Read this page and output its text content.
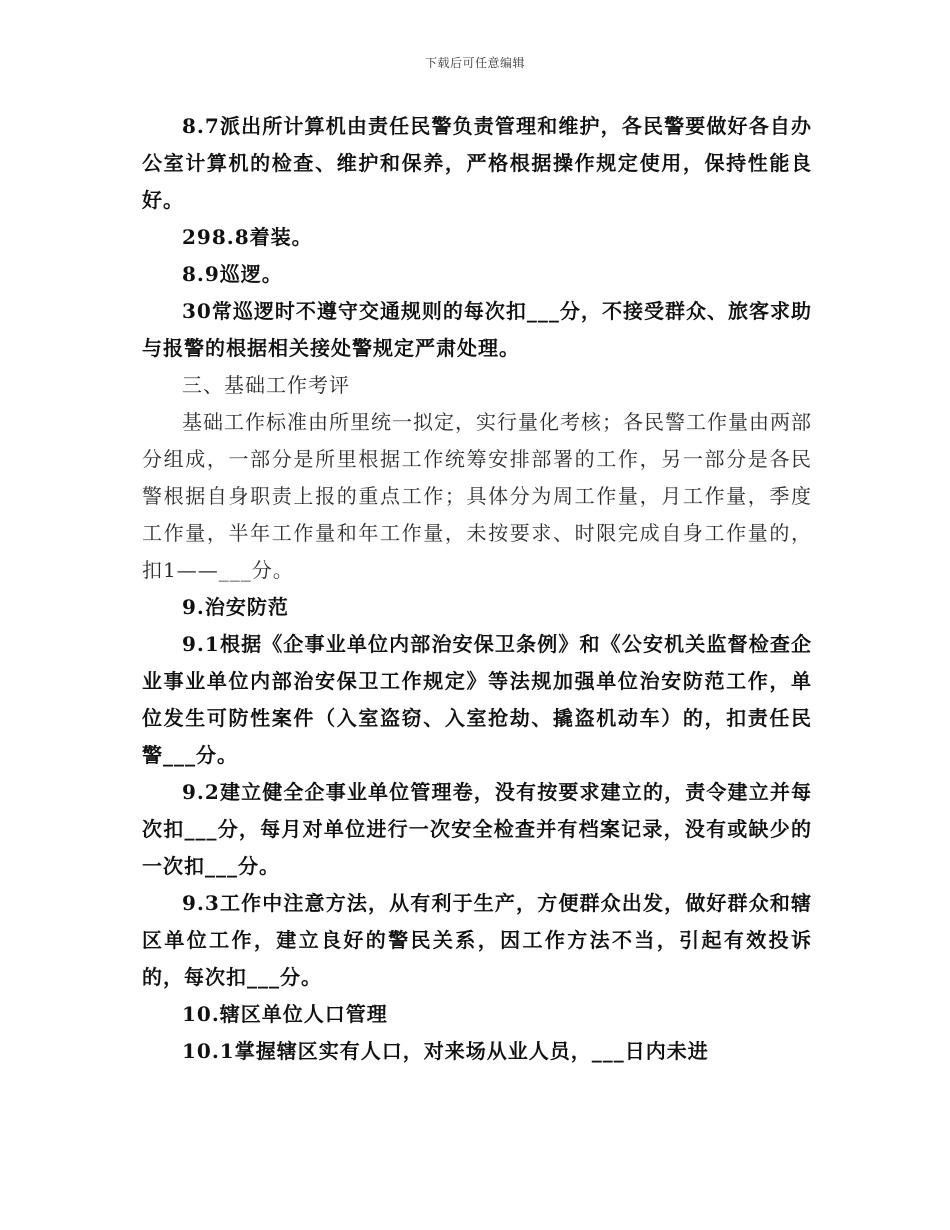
下载后可任意编辑

8.7派出所计算机由责任民警负责管理和维护，各民警要做好各自办公室计算机的检查、维护和保养，严格根据操作规定使用，保持性能良好。

298.8着装。

8.9巡逻。

30常巡逻时不遵守交通规则的每次扣___分，不接受群众、旅客求助与报警的根据相关接处警规定严肃处理。

三、基础工作考评

基础工作标准由所里统一拟定，实行量化考核；各民警工作量由两部分组成，一部分是所里根据工作统筹安排部署的工作，另一部分是各民警根据自身职责上报的重点工作；具体分为周工作量，月工作量，季度工作量，半年工作量和年工作量，未按要求、时限完成自身工作量的，扣1——___分。

9.治安防范

9.1根据《企事业单位内部治安保卫条例》和《公安机关监督检查企业事业单位内部治安保卫工作规定》等法规加强单位治安防范工作，单位发生可防性案件（入室盗窃、入室抢劫、撬盗机动车）的，扣责任民警___分。

9.2建立健全企事业单位管理卷，没有按要求建立的，责令建立并每次扣___分，每月对单位进行一次安全检查并有档案记录，没有或缺少的一次扣___分。

9.3工作中注意方法，从有利于生产，方便群众出发，做好群众和辖区单位工作，建立良好的警民关系，因工作方法不当，引起有效投诉的，每次扣___分。

10.辖区单位人口管理

10.1掌握辖区实有人口，对来场从业人员，___日内未进
